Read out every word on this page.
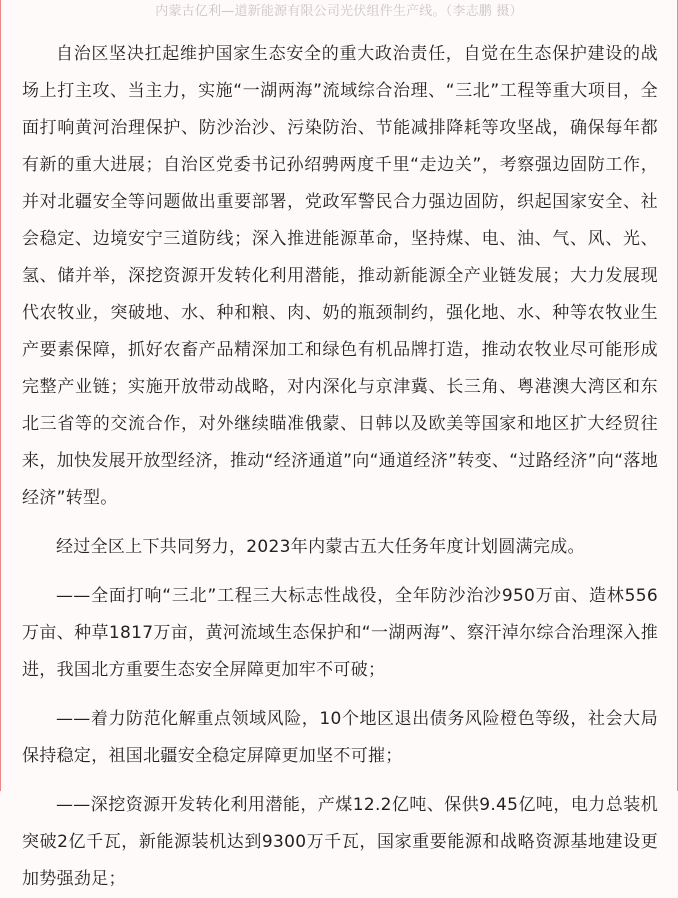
内蒙古亿利—道新能源有限公司光伏组件生产线。（李志鹏 摄）

自治区坚决扛起维护国家生态安全的重大政治责任，自觉在生态保护建设的战场上打主攻、当主力，实施“一湖两海”流域综合治理、“三北”工程等重大项目，全面打响黄河治理保护、防沙治沙、污染防治、节能减排降耗等攻坚战，确保每年都有新的重大进展；自治区党委书记孙绍骋两度千里“走边关”，考察强边固防工作，并对北疆安全等问题做出重要部署，党政军警民合力强边固防，织起国家安全、社会稳定、边境安宁三道防线；深入推进能源革命，坚持煤、电、油、气、风、光、氢、储并举，深挖资源开发转化利用潜能，推动新能源全产业链发展；大力发展现代农牧业，突破地、水、种和粮、肉、奶的瓶颈制约，强化地、水、种等农牧业生产要素保障，抓好农畜产品精深加工和绿色有机品牌打造，推动农牧业尽可能形成完整产业链；实施开放带动战略，对内深化与京津冀、长三角、粤港澳大湾区和东北三省等的交流合作，对外继续瞄准俄蒙、日韩以及欧美等国家和地区扩大经贸往来，加快发展开放型经济，推动“经济通道”向“通道经济”转变、“过路经济”向“落地经济”转型。

经过全区上下共同努力，2023年内蒙古五大任务年度计划圆满完成。

——全面打响“三北”工程三大标志性战役，全年防沙治沙950万亩、造林556万亩、种草1817万亩，黄河流域生态保护和“一湖两海”、察汗淖尔综合治理深入推进，我国北方重要生态安全屏障更加牢不可破；

——着力防范化解重点领域风险，10个地区退出债务风险橙色等级，社会大局保持稳定，祖国北疆安全稳定屏障更加坚不可摧；

——深挖资源开发转化利用潜能，产煤12.2亿吨、保供9.45亿吨，电力总装机突破2亿千瓦，新能源装机达到9300万千瓦，国家重要能源和战略资源基地建设更加势强劲足；
